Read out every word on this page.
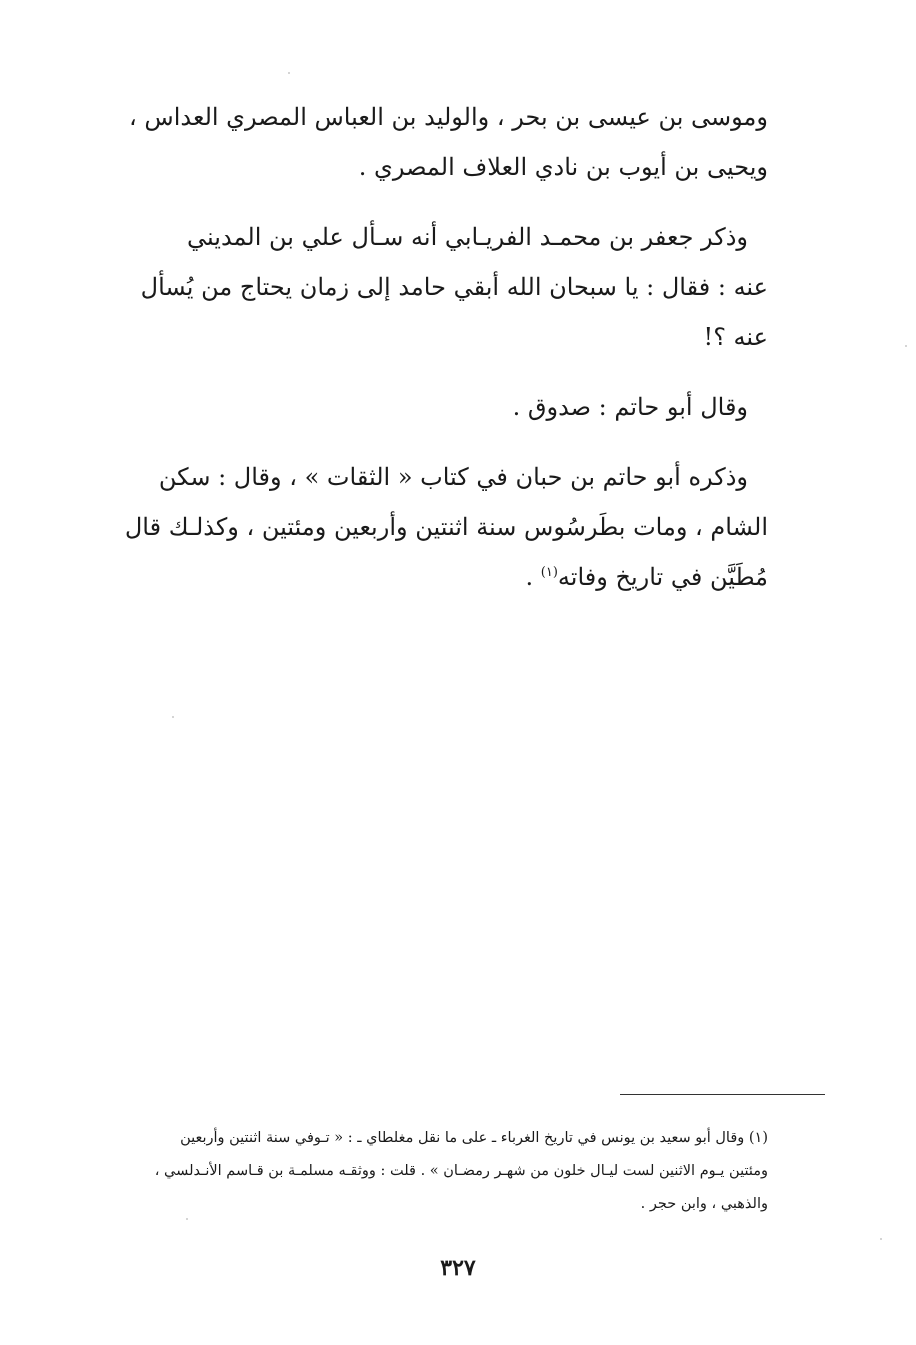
وموسى بن عيسى بن بحر ، والوليد بن العباس المصري العداس ،
ويحيى بن أيوب بن نادي العلاف المصري .

وذكر جعفر بن محمـد الفريـابي أنه سـأل علي بن المديني
عنه : فقال : يا سبحان الله أبقي حامد إلى زمان يحتاج من يُسأل
عنه ؟!

وقال أبو حاتم : صدوق .

وذكره أبو حاتم بن حبان في كتاب « الثقات » ، وقال : سكن
الشام ، ومات بطَرسُوس سنة اثنتين وأربعين ومئتين ، وكذلـك قال
مُطَيَّن في تاريخ وفاته$^{(١)}$ .

(١) وقال أبو سعيد بن يونس في تاريخ الغرباء ـ على ما نقل مغلطاي ـ : « تـوفي سنة اثنتين وأربعين
ومئتين يـوم الاثنين لست ليـال خلون من شهـر رمضـان » . قلت : ووثقـه مسلمـة بن قـاسم الأنـدلسي ،
والذهبي ، وابن حجر .
٣٢٧
